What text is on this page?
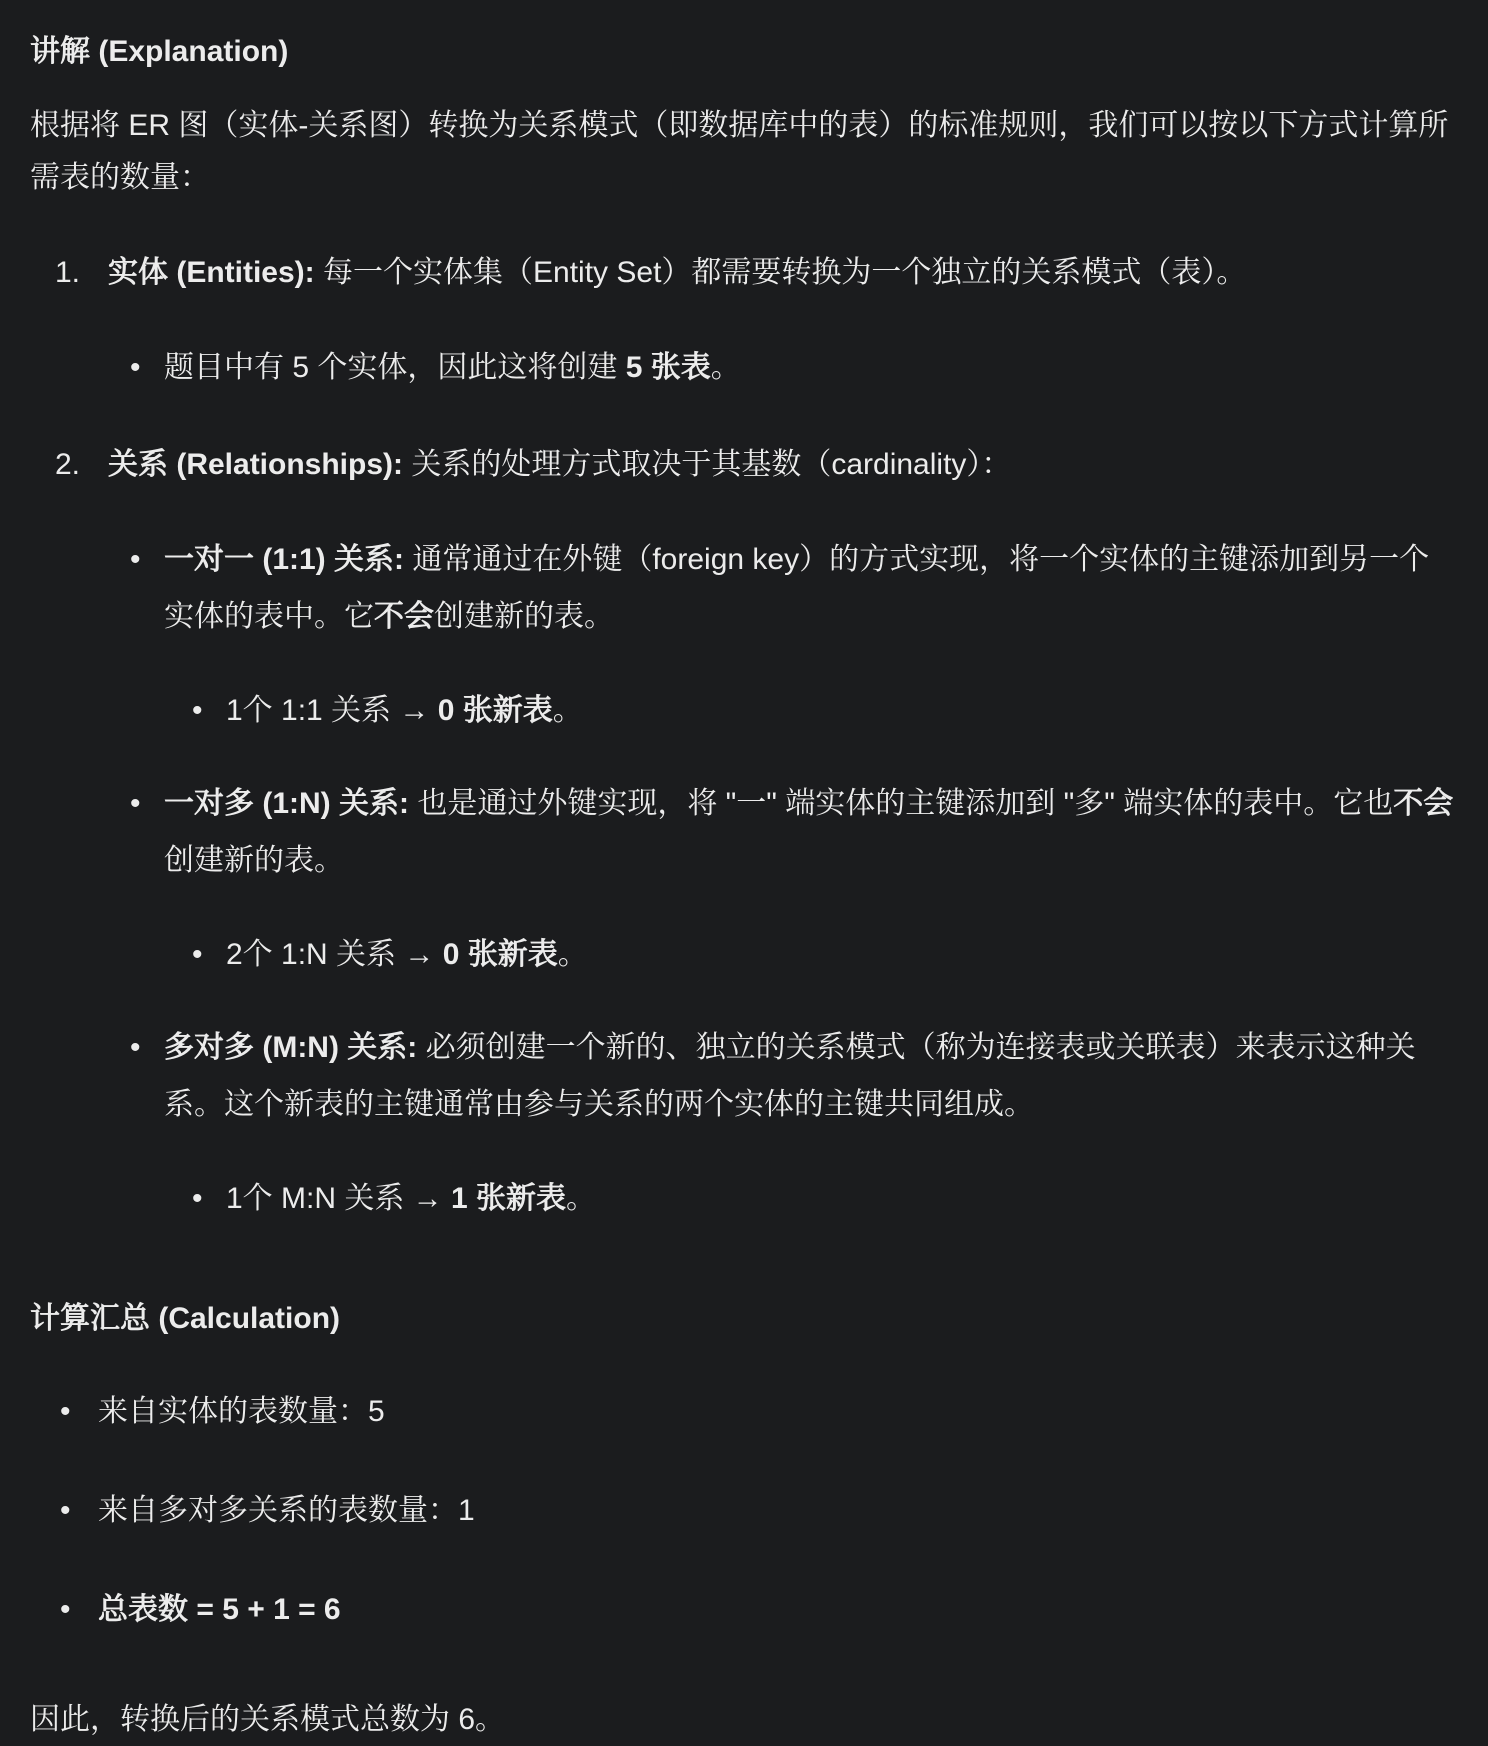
讲解 (Explanation)
根据将 ER 图（实体-关系图）转换为关系模式（即数据库中的表）的标准规则，我们可以按以下方式计算所需表的数量：
1. 实体 (Entities): 每一个实体集（Entity Set）都需要转换为一个独立的关系模式（表）。
• 题目中有 5 个实体，因此这将创建 5 张表。
2. 关系 (Relationships): 关系的处理方式取决于其基数（cardinality）：
• 一对一 (1:1) 关系: 通常通过在外键（foreign key）的方式实现，将一个实体的主键添加到另一个实体的表中。它不会创建新的表。
• 1个 1:1 关系 → 0 张新表。
• 一对多 (1:N) 关系: 也是通过外键实现，将 "一" 端实体的主键添加到 "多" 端实体的表中。它也不会创建新的表。
• 2个 1:N 关系 → 0 张新表。
• 多对多 (M:N) 关系: 必须创建一个新的、独立的关系模式（称为连接表或关联表）来表示这种关系。这个新表的主键通常由参与关系的两个实体的主键共同组成。
• 1个 M:N 关系 → 1 张新表。
计算汇总 (Calculation)
• 来自实体的表数量：5
• 来自多对多关系的表数量：1
• 总表数 = 5 + 1 = 6
因此，转换后的关系模式总数为 6。
